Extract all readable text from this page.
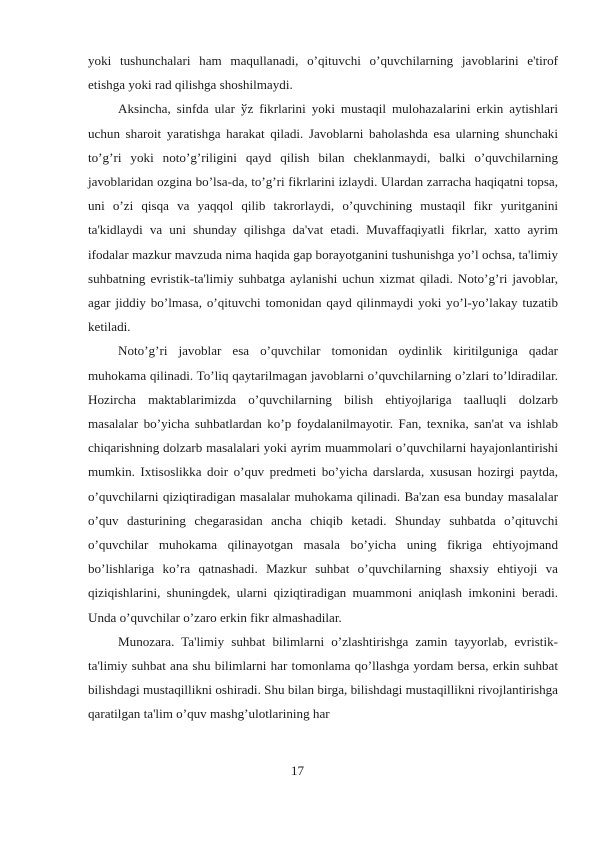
yoki tushunchalari ham maqullanadi, o’qituvchi o’quvchilarning javoblarini e'tirof etishga yoki rad qilishga shoshilmaydi.

Aksincha, sinfda ular ўz fikrlarini yoki mustaqil mulohazalarini erkin aytishlari uchun sharoit yaratishga harakat qiladi. Javoblarni baholashda esa ularning shunchaki to’g’ri yoki noto’g’riligini qayd qilish bilan cheklanmaydi, balki o’quvchilarning javoblaridan ozgina bo’lsa-da, to’g’ri fikrlarini izlaydi. Ulardan zarracha haqiqatni topsa, uni o’zi qisqa va yaqqol qilib takrorlaydi, o’quvchining mustaqil fikr yuritganini ta'kidlaydi va uni shunday qilishga da'vat etadi. Muvaffaqiyatli fikrlar, xatto ayrim ifodalar mazkur mavzuda nima haqida gap borayotganini tushunishga yo’l ochsa, ta'limiy suhbatning evristik-ta'limiy suhbatga aylanishi uchun xizmat qiladi. Noto’g’ri javoblar, agar jiddiy bo’lmasa, o’qituvchi tomonidan qayd qilinmaydi yoki yo’l-yo’lakay tuzatib ketiladi.

Noto’g’ri javoblar esa o’quvchilar tomonidan oydinlik kiritilguniga qadar muhokama qilinadi. To’liq qaytarilmagan javoblarni o’quvchilarning o’zlari to’ldiradilar. Hozircha maktablarimizda o’quvchilarning bilish ehtiyojlariga taalluqli dolzarb masalalar bo’yicha suhbatlardan ko’p foydalanilmayotir. Fan, texnika, san'at va ishlab chiqarishning dolzarb masalalari yoki ayrim muammolari o’quvchilarni hayajonlantirishi mumkin. Ixtisoslikka doir o’quv predmeti bo’yicha darslarda, xususan hozirgi paytda, o’quvchilarni qiziqtiradigan masalalar muhokama qilinadi. Ba'zan esa bunday masalalar o’quv dasturining chegarasidan ancha chiqib ketadi. Shunday suhbatda o’qituvchi o’quvchilar muhokama qilinayotgan masala bo’yicha uning fikriga ehtiyojmand bo’lishlariga ko’ra qatnashadi. Mazkur suhbat o’quvchilarning shaxsiy ehtiyoji va qiziqishlarini, shuningdek, ularni qiziqtiradigan muammoni aniqlash imkonini beradi. Unda o’quvchilar o’zaro erkin fikr almashadilar.

Munozara. Ta'limiy suhbat bilimlarni o’zlashtirishga zamin tayyorlab, evristik-ta'limiy suhbat ana shu bilimlarni har tomonlama qo’llashga yordam bersa, erkin suhbat bilishdagi mustaqillikni oshiradi. Shu bilan birga, bilishdagi mustaqillikni rivojlantirishga qaratilgan ta'lim o’quv mashg’ulotlarining har

17
